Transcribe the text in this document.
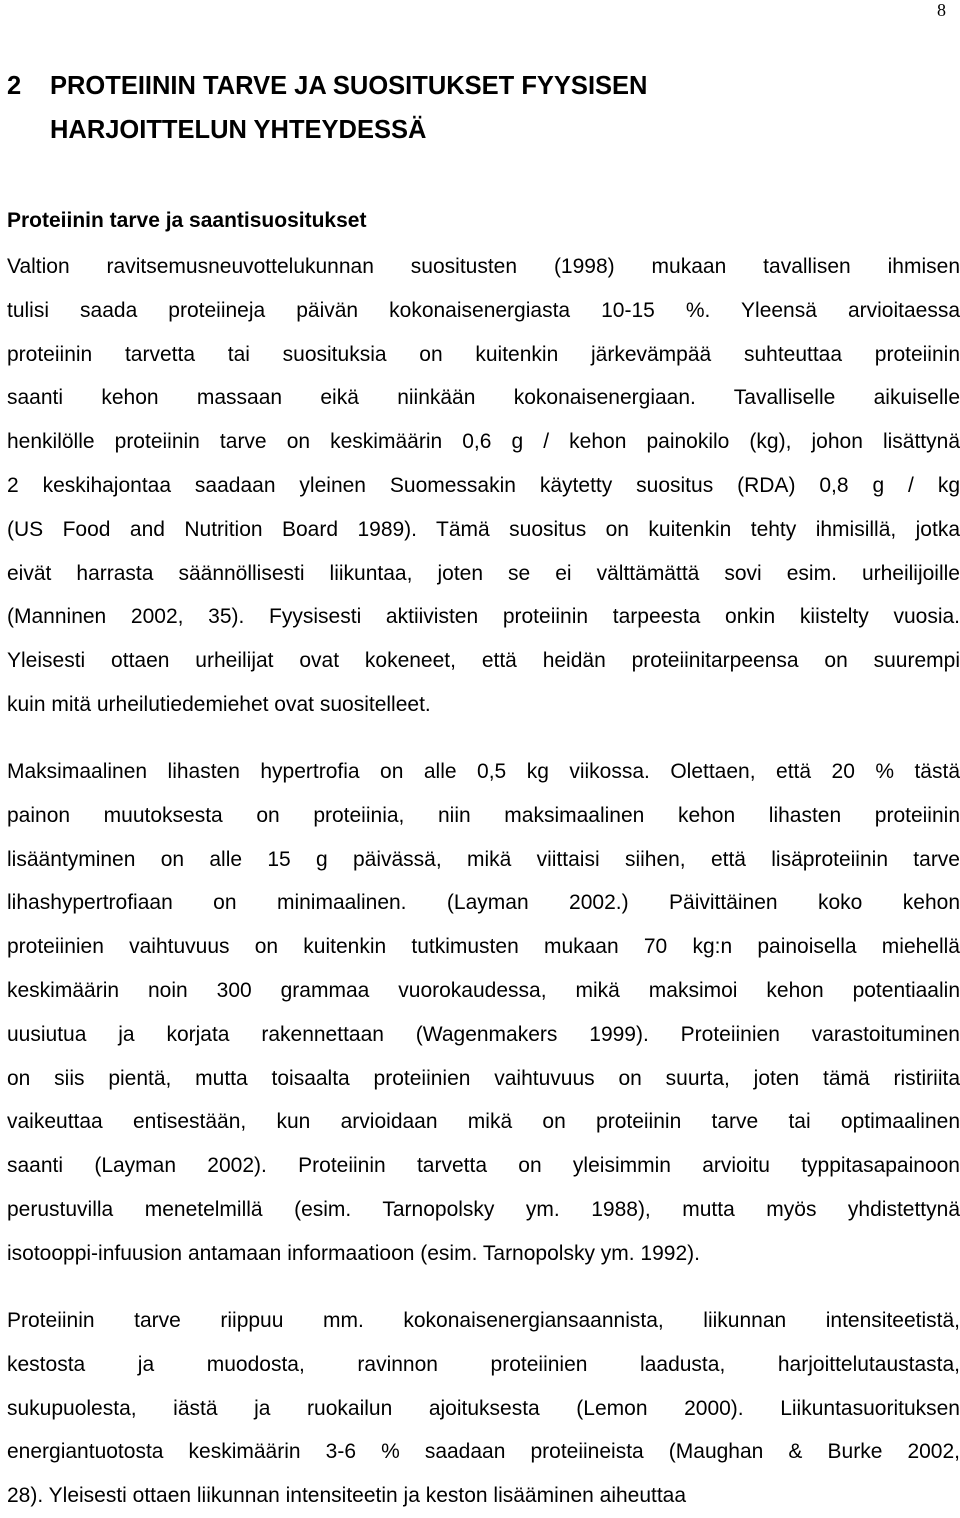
8
2 PROTEIININ TARVE JA SUOSITUKSET FYYSISEN
HARJOITTELUN YHTEYDESSÄ
Proteiinin tarve ja saantisuositukset

Valtion ravitsemusneuvottelukunnan suositusten (1998) mukaan tavallisen ihmisen
tulisi saada proteiineja päivän kokonaisenergiasta 10-15 %. Yleensä arvioitaessa
proteiinin tarvetta tai suosituksia on kuitenkin järkevämpää suhteuttaa proteiinin
saanti kehon massaan eikä niinkään kokonaisenergiaan. Tavalliselle aikuiselle
henkilölle proteiinin tarve on keskimäärin 0,6 g / kehon painokilo (kg), johon lisättynä
2 keskihajontaa saadaan yleinen Suomessakin käytetty suositus (RDA) 0,8 g / kg
(US Food and Nutrition Board 1989). Tämä suositus on kuitenkin tehty ihmisillä, jotka
eivät harrasta säännöllisesti liikuntaa, joten se ei välttämättä sovi esim. urheilijoille
(Manninen 2002, 35). Fyysisesti aktiivisten proteiinin tarpeesta onkin kiistelty vuosia.
Yleisesti ottaen urheilijat ovat kokeneet, että heidän proteiinitarpeensa on suurempi
kuin mitä urheilutiedemiehet ovat suositelleet.

Maksimaalinen lihasten hypertrofia on alle 0,5 kg viikossa. Olettaen, että 20 % tästä
painon muutoksesta on proteiinia, niin maksimaalinen kehon lihasten proteiinin
lisääntyminen on alle 15 g päivässä, mikä viittaisi siihen, että lisäproteiinin tarve
lihashypertrofiaan on minimaalinen. (Layman 2002.) Päivittäinen koko kehon
proteiinien vaihtuvuus on kuitenkin tutkimusten mukaan 70 kg:n painoisella miehellä
keskimäärin noin 300 grammaa vuorokaudessa, mikä maksimoi kehon potentiaalin
uusiutua ja korjata rakennettaan (Wagenmakers 1999). Proteiinien varastoituminen
on siis pientä, mutta toisaalta proteiinien vaihtuvuus on suurta, joten tämä ristiriita
vaikeuttaa entisestään, kun arvioidaan mikä on proteiinin tarve tai optimaalinen
saanti (Layman 2002). Proteiinin tarvetta on yleisimmin arvioitu typpitasapainoon
perustuvilla menetelmillä (esim. Tarnopolsky ym. 1988), mutta myös yhdistettynä
isotooppi-infuusion antamaan informaatioon (esim. Tarnopolsky ym. 1992).

Proteiinin tarve riippuu mm. kokonaisenergiansaannista, liikunnan intensiteetistä,
kestosta ja muodosta, ravinnon proteiinien laadusta, harjoittelutaustasta,
sukupuolesta, iästä ja ruokailun ajoituksesta (Lemon 2000). Liikuntasuorituksen
energiantuotosta keskimäärin 3-6 % saadaan proteiineista (Maughan & Burke 2002,
28). Yleisesti ottaen liikunnan intensiteetin ja keston lisääminen aiheuttaa
